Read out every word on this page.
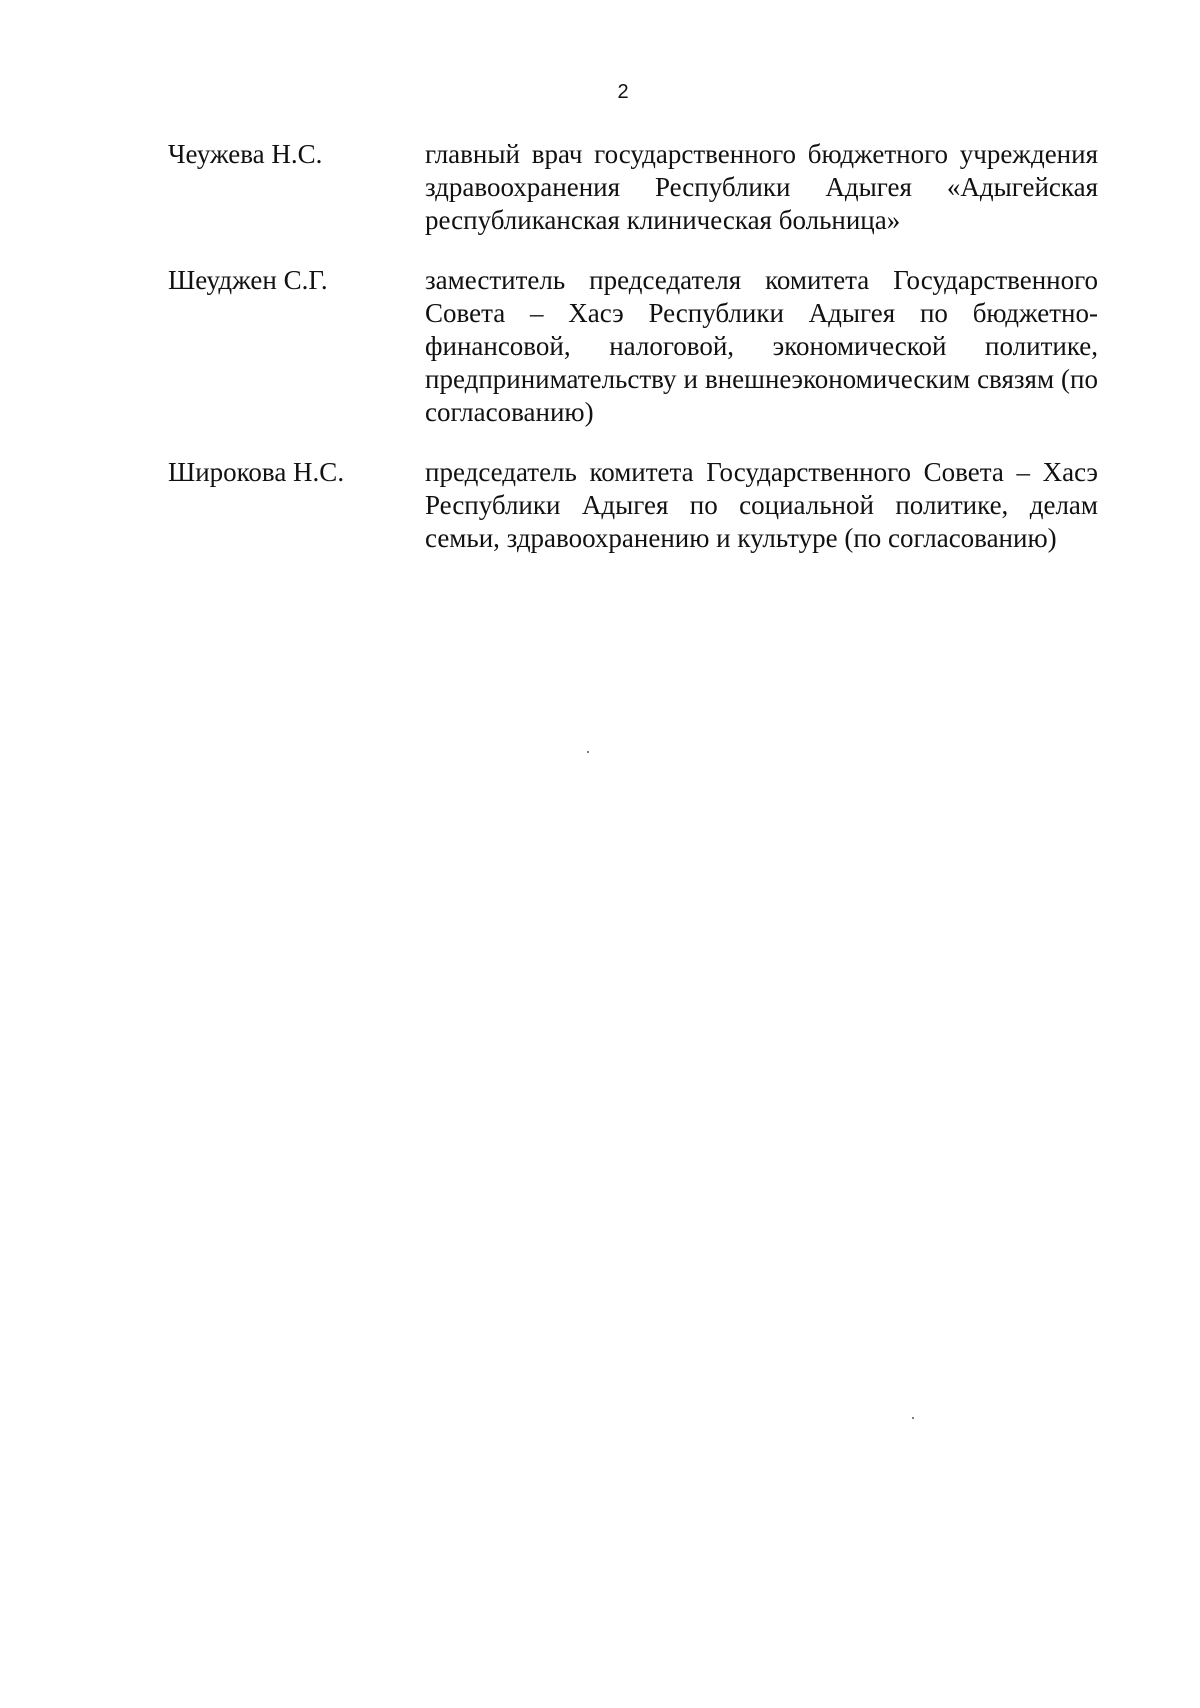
2
Чеужева Н.С.	главный врач государственного бюджетного учреждения здравоохранения Республики Адыгея «Адыгейская республиканская клиническая больница»
Шеуджен С.Г.	заместитель председателя комитета Государственного Совета – Хасэ Республики Адыгея по бюджетно-финансовой, налоговой, экономической политике, предпринимательству и внешнеэкономическим связям (по согласованию)
Широкова Н.С.	председатель комитета Государственного Совета – Хасэ Республики Адыгея по социальной политике, делам семьи, здравоохранению и культуре (по согласованию)
